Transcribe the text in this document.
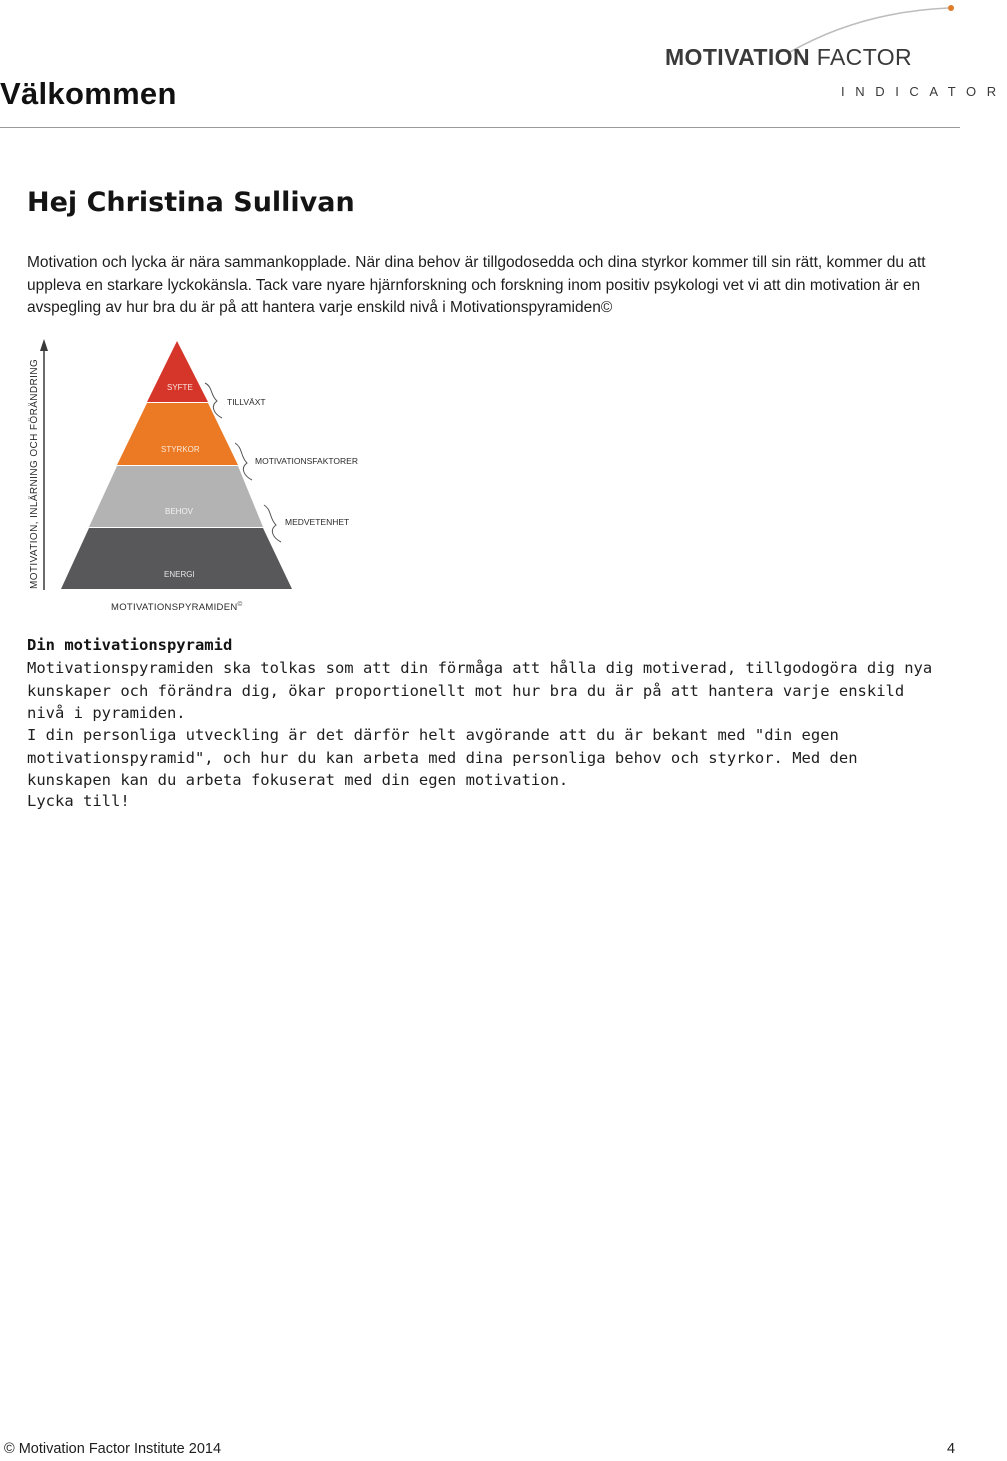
Välkommen
MOTIVATION FACTOR
INDICATOR
Hej Christina Sullivan
Motivation och lycka är nära sammankopplade. När dina behov är tillgodosedda och dina styrkor kommer till sin rätt, kommer du att uppleva en starkare lyckokänsla. Tack vare nyare hjärnforskning och forskning inom positiv psykologi vet vi att din motivation är en avspegling av hur bra du är på att hantera varje enskild nivå i Motivationspyramiden©
MOTIVATION, INLÄRNING OCH FÖRÄNDRING	SYFTE
STYRKOR
BEHOV
ENERGI
TILLVÄXT
MOTIVATIONSFAKTORER
MEDVETENHET
MOTIVATIONSPYRAMIDEN©
Din motivationspyramid
Motivationspyramiden ska tolkas som att din förmåga att hålla dig motiverad, tillgodogöra dig nya kunskaper och förändra dig, ökar proportionellt mot hur bra du är på att hantera varje enskild nivå i pyramiden.
I din personliga utveckling är det därför helt avgörande att du är bekant med "din egen motivationspyramid", och hur du kan arbeta med dina personliga behov och styrkor. Med den kunskapen kan du arbeta fokuserat med din egen motivation.
Lycka till!
© Motivation Factor Institute 2014	4
